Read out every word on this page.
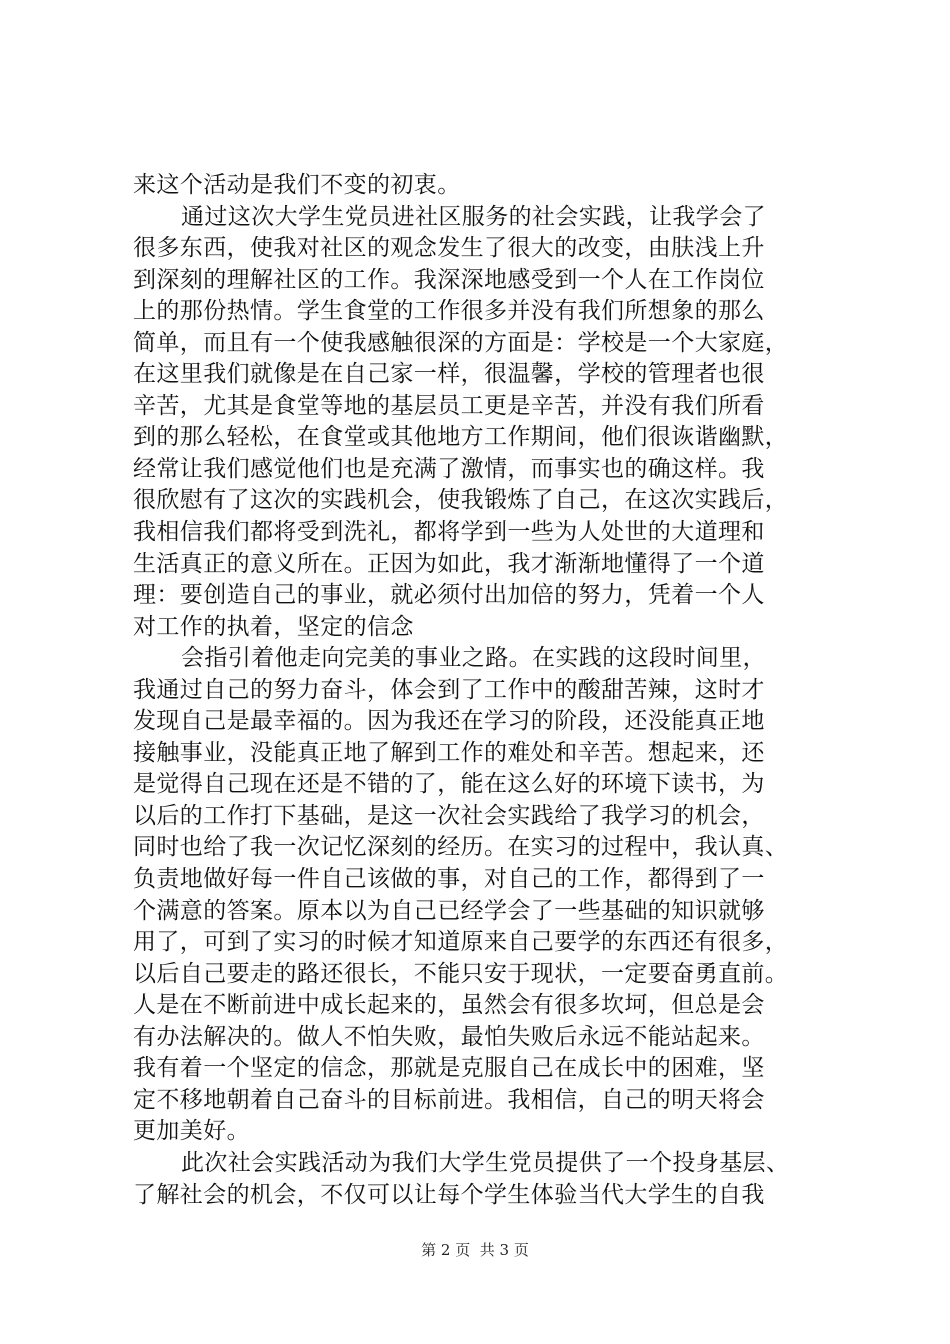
来这个活动是我们不变的初衷。
通过这次大学生党员进社区服务的社会实践，让我学会了
很多东西，使我对社区的观念发生了很大的改变，由肤浅上升
到深刻的理解社区的工作。我深深地感受到一个人在工作岗位
上的那份热情。学生食堂的工作很多并没有我们所想象的那么
简单，而且有一个使我感触很深的方面是：学校是一个大家庭，
在这里我们就像是在自己家一样，很温馨，学校的管理者也很
辛苦，尤其是食堂等地的基层员工更是辛苦，并没有我们所看
到的那么轻松，在食堂或其他地方工作期间，他们很诙谐幽默，
经常让我们感觉他们也是充满了激情，而事实也的确这样。我
很欣慰有了这次的实践机会，使我锻炼了自己，在这次实践后，
我相信我们都将受到洗礼，都将学到一些为人处世的大道理和
生活真正的意义所在。正因为如此，我才渐渐地懂得了一个道
理：要创造自己的事业，就必须付出加倍的努力，凭着一个人
对工作的执着，坚定的信念
会指引着他走向完美的事业之路。在实践的这段时间里，
我通过自己的努力奋斗，体会到了工作中的酸甜苦辣，这时才
发现自己是最幸福的。因为我还在学习的阶段，还没能真正地
接触事业，没能真正地了解到工作的难处和辛苦。想起来，还
是觉得自己现在还是不错的了，能在这么好的环境下读书，为
以后的工作打下基础，是这一次社会实践给了我学习的机会，
同时也给了我一次记忆深刻的经历。在实习的过程中，我认真、
负责地做好每一件自己该做的事，对自己的工作，都得到了一
个满意的答案。原本以为自己已经学会了一些基础的知识就够
用了，可到了实习的时候才知道原来自己要学的东西还有很多，
以后自己要走的路还很长，不能只安于现状，一定要奋勇直前。
人是在不断前进中成长起来的，虽然会有很多坎坷，但总是会
有办法解决的。做人不怕失败，最怕失败后永远不能站起来。
我有着一个坚定的信念，那就是克服自己在成长中的困难，坚
定不移地朝着自己奋斗的目标前进。我相信，自己的明天将会
更加美好。
此次社会实践活动为我们大学生党员提供了一个投身基层、
了解社会的机会，不仅可以让每个学生体验当代大学生的自我
第 2 页  共 3 页
